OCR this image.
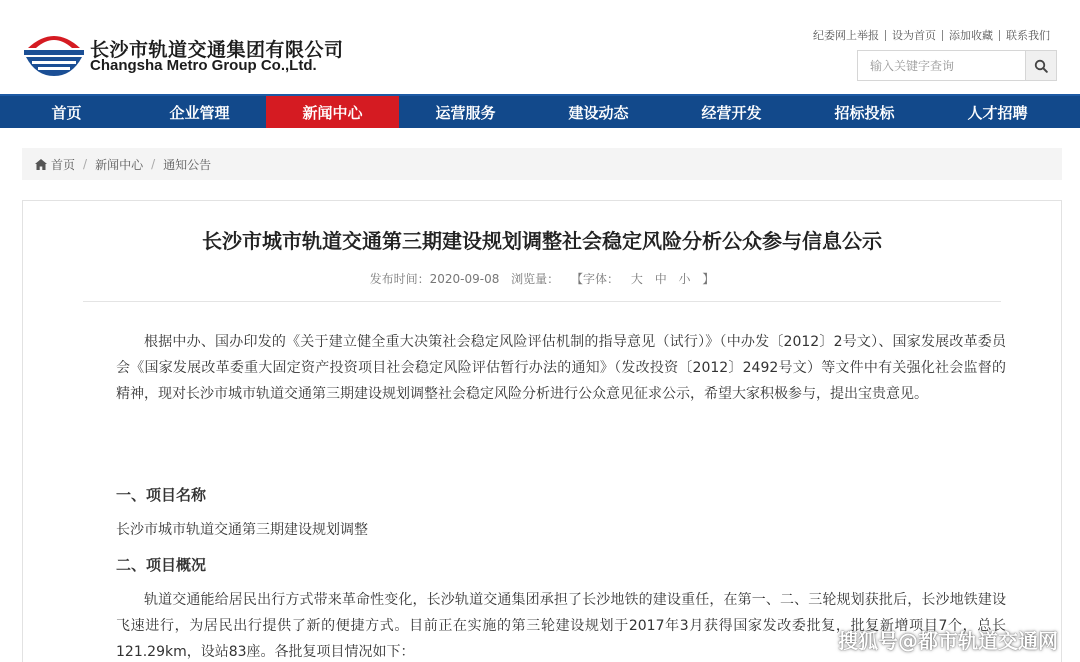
长沙市轨道交通集团有限公司
Changsha Metro Group Co.,Ltd.
纪委网上举报	设为首页	添加收藏	联系我们
输入关键字查询
首页	企业管理	新闻中心	运营服务	建设动态	经营开发	招标投标	人才招聘
首页 / 新闻中心 / 通知公告
长沙市城市轨道交通第三期建设规划调整社会稳定风险分析公众参与信息公示
发布时间：2020-09-08 浏览量： 【字体： 大 中 小 】

根据中办、国办印发的《关于建立健全重大决策社会稳定风险评估机制的指导意见（试行）》（中办发〔2012〕2号文）、国家发展改革委员会《国家发展改革委重大固定资产投资项目社会稳定风险评估暂行办法的通知》（发改投资〔2012〕2492号文）等文件中有关强化社会监督的精神，现对长沙市城市轨道交通第三期建设规划调整社会稳定风险分析进行公众意见征求公示，希望大家积极参与，提出宝贵意见。

一、项目名称
长沙市城市轨道交通第三期建设规划调整
二、项目概况

轨道交通能给居民出行方式带来革命性变化，长沙轨道交通集团承担了长沙地铁的建设重任，在第一、二、三轮规划获批后，长沙地铁建设飞速进行，为居民出行提供了新的便捷方式。目前正在实施的第三轮建设规划于2017年3月获得国家发改委批复，批复新增项目7个，总长121.29km，设站83座。各批复项目情况如下：	搜狐号@都市轨道交通网
